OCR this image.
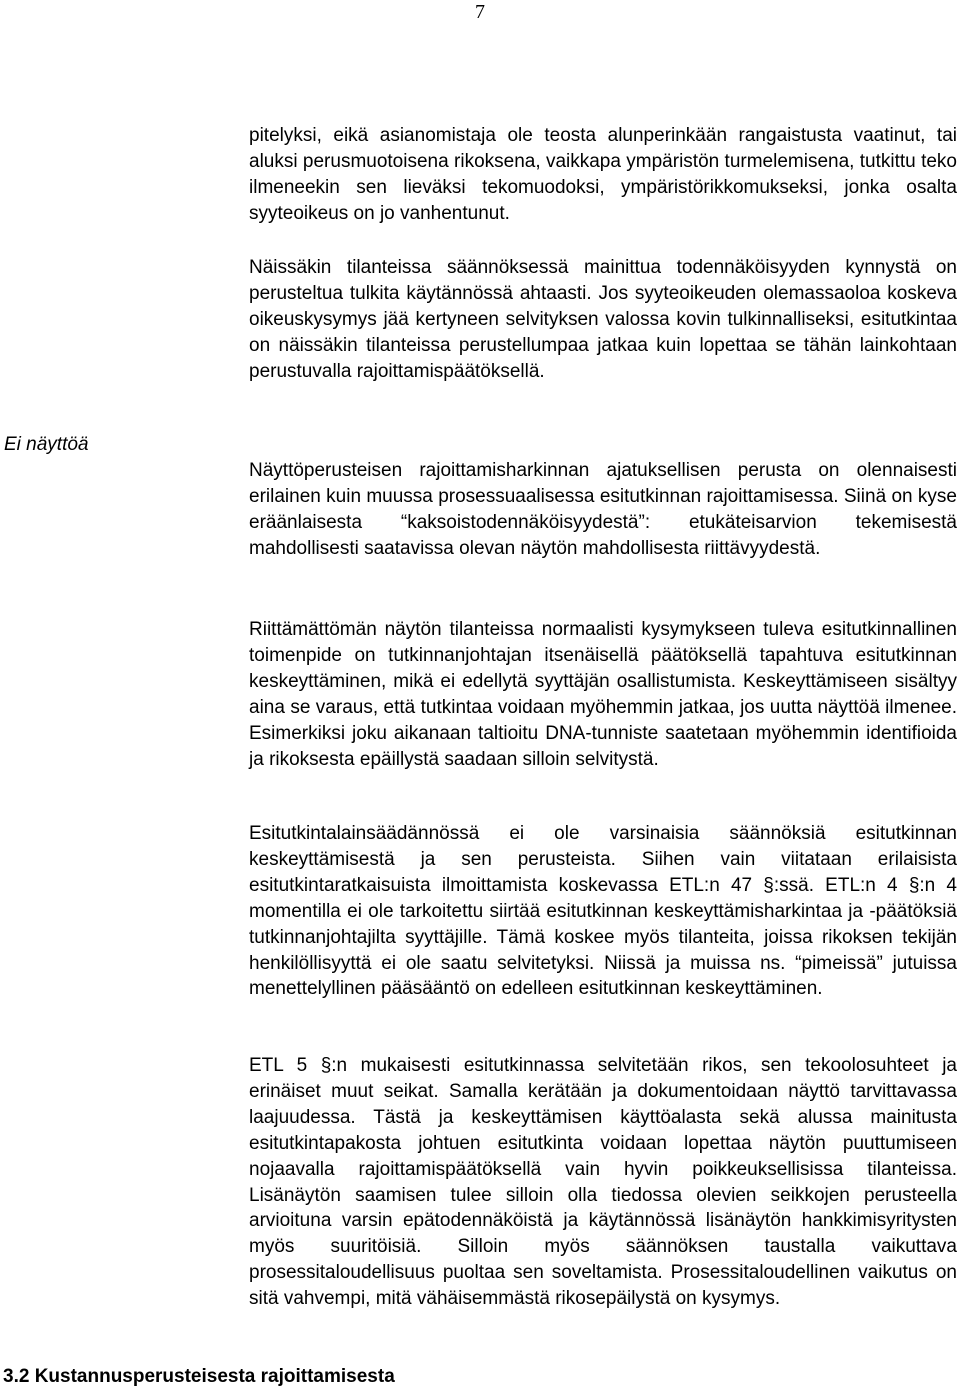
7
Ei näyttöä

pitelyksi, eikä asianomistaja ole teosta alunperinkään rangaistusta vaatinut, tai aluksi perusmuotoisena rikoksena, vaikkapa ympäristön turmelemisena, tutkittu teko ilmeneekin sen lieväksi tekomuodoksi, ympäristörikkomukseksi, jonka osalta syyteoikeus on jo vanhentunut.

Näissäkin tilanteissa säännöksessä mainittua todennäköisyyden kynnystä on perusteltua tulkita käytännössä ahtaasti. Jos syyteoikeuden olemassaoloa koskeva oikeuskysymys jää kertyneen selvityksen valossa kovin tulkinnalliseksi, esitutkintaa on näissäkin tilanteissa perustellumpaa jatkaa kuin lopettaa se tähän lainkohtaan perustuvalla rajoittamispäätöksellä.

Näyttöperusteisen rajoittamisharkinnan ajatuksellisen perusta on olennaisesti erilainen kuin muussa prosessuaalisessa esitutkinnan rajoittamisessa. Siinä on kyse eräänlaisesta “kaksoistodennäköisyydestä”: etukäteisarvion tekemisestä mahdollisesti saatavissa olevan näytön mahdollisesta riittävyydestä.

Riittämättömän näytön tilanteissa normaalisti kysymykseen tuleva esitutkinnallinen toimenpide on tutkinnanjohtajan itsenäisellä päätöksellä tapahtuva esitutkinnan keskeyttäminen, mikä ei edellytä syyttäjän osallistumista. Keskeyttämiseen sisältyy aina se varaus, että tutkintaa voidaan myöhemmin jatkaa, jos uutta näyttöä ilmenee. Esimerkiksi joku aikanaan taltioitu DNA-tunniste saatetaan myöhemmin identifioida ja rikoksesta epäillystä saadaan silloin selvitystä.

Esitutkintalainsäädännössä ei ole varsinaisia säännöksiä esitutkinnan keskeyttämisestä ja sen perusteista. Siihen vain viitataan erilaisista esitutkintaratkaisuista ilmoittamista koskevassa ETL:n 47 §:ssä. ETL:n 4 §:n 4 momentilla ei ole tarkoitettu siirtää esitutkinnan keskeyttämisharkintaa ja -päätöksiä tutkinnanjohtajilta syyttäjille. Tämä koskee myös tilanteita, joissa rikoksen tekijän henkilöllisyyttä ei ole saatu selvitetyksi. Niissä ja muissa ns. “pimeissä” jutuissa menettelyllinen pääsääntö on edelleen esitutkinnan keskeyttäminen.

ETL 5 §:n mukaisesti esitutkinnassa selvitetään rikos, sen tekoolosuhteet ja erinäiset muut seikat. Samalla kerätään ja dokumentoidaan näyttö tarvittavassa laajuudessa. Tästä ja keskeyttämisen käyttöalasta sekä alussa mainitusta esitutkintapakosta johtuen esitutkinta voidaan lopettaa näytön puuttumiseen nojaavalla rajoittamispäätöksellä vain hyvin poikkeuksellisissa tilanteissa. Lisänäytön saamisen tulee silloin olla tiedossa olevien seikkojen perusteella arvioituna varsin epätodennäköistä ja käytännössä lisänäytön hankkimisyritysten myös suuritöisiä. Silloin myös säännöksen taustalla vaikuttava prosessitaloudellisuus puoltaa sen soveltamista. Prosessitaloudellinen vaikutus on sitä vahvempi, mitä vähäisemmästä rikosepäilystä on kysymys.

3.2 Kustannusperusteisesta rajoittamisesta
